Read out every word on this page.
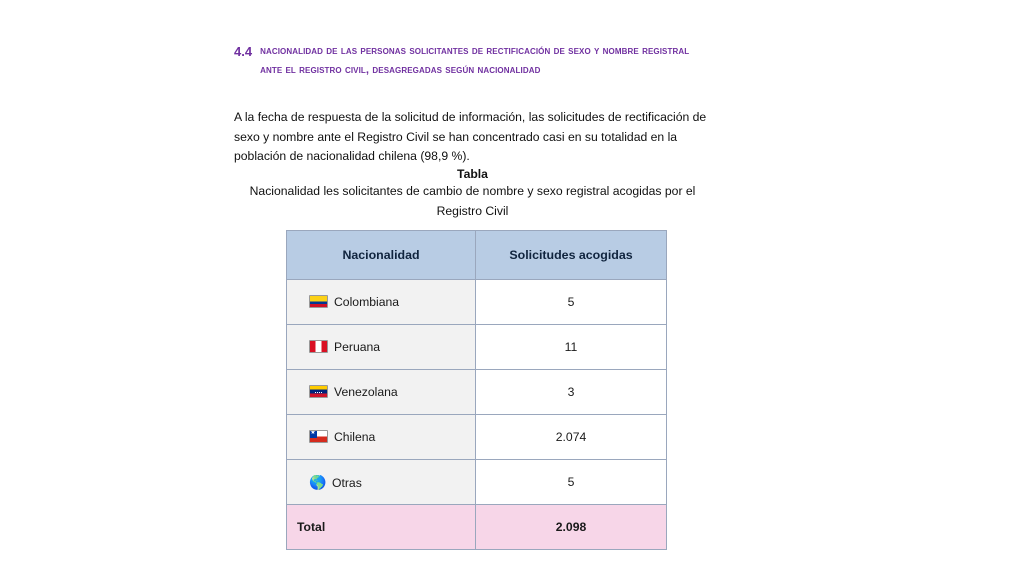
4.4 nacionalidad de las personas solicitantes de rectificación de sexo y nombre registral ante el registro civil, desagregadas según nacionalidad

A la fecha de respuesta de la solicitud de información, las solicitudes de rectificación de sexo y nombre ante el Registro Civil se han concentrado casi en su totalidad en la población de nacionalidad chilena (98,9 %).

Tabla
Nacionalidad les solicitantes de cambio de nombre y sexo registral acogidas por el Registro Civil
Nacionalidad	Solicitudes acogidas
Colombiana	5
Peruana	11
Venezolana	3
★Chilena	2.074
🌎 Otras	5
Total	2.098
